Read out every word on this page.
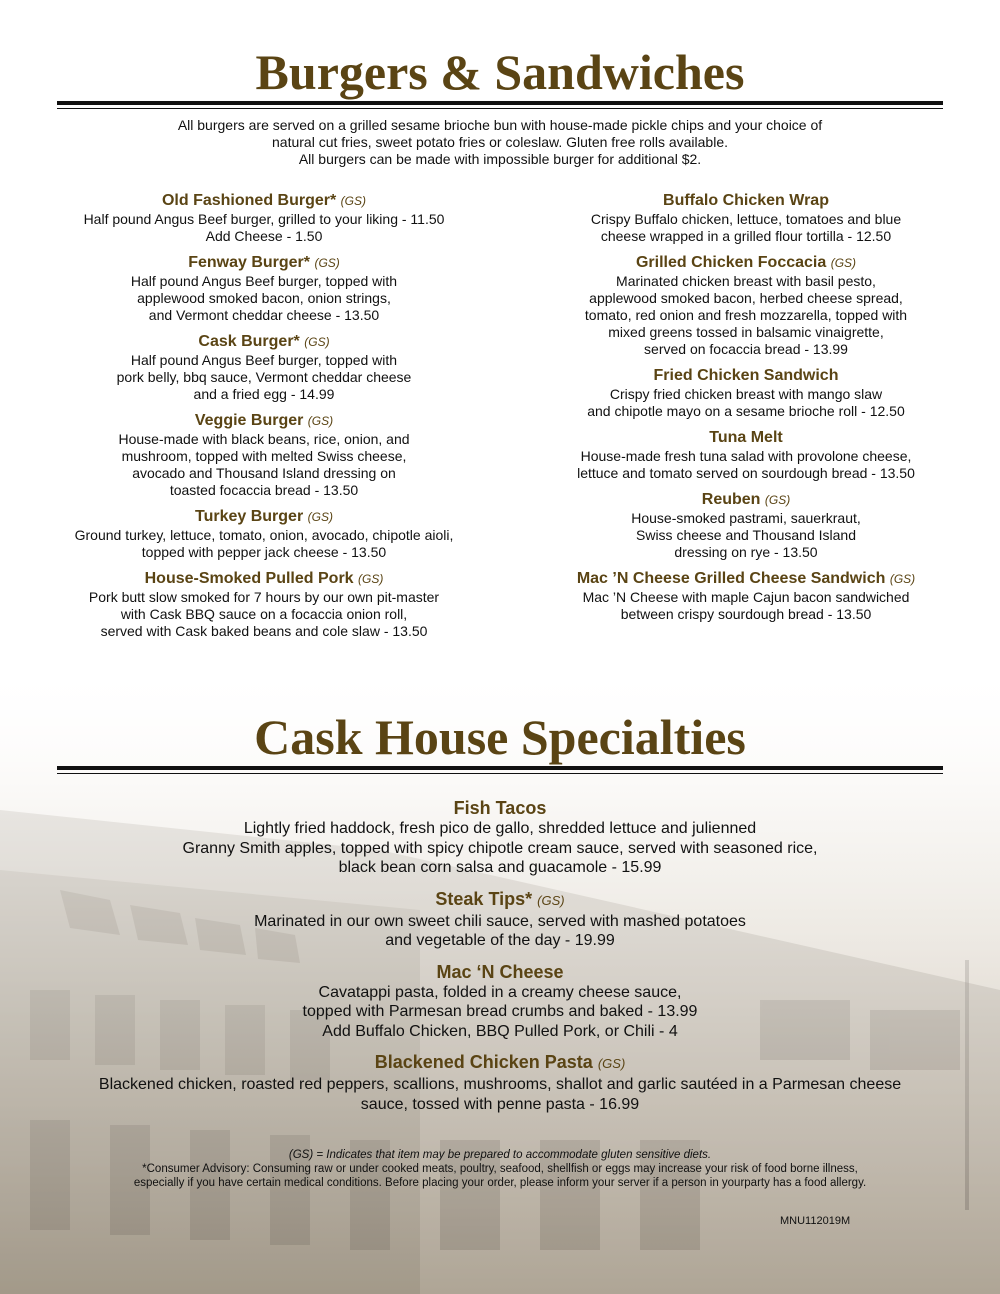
Burgers & Sandwiches
All burgers are served on a grilled sesame brioche bun with house-made pickle chips and your choice of
natural cut fries, sweet potato fries or coleslaw. Gluten free rolls available.
All burgers can be made with impossible burger for additional $2.
Old Fashioned Burger* (GS)
Half pound Angus Beef burger, grilled to your liking - 11.50
Add Cheese - 1.50
Fenway Burger* (GS)
Half pound Angus Beef burger, topped with
applewood smoked bacon, onion strings,
and Vermont cheddar cheese - 13.50
Cask Burger* (GS)
Half pound Angus Beef burger, topped with
pork belly, bbq sauce, Vermont cheddar cheese
and a fried egg - 14.99
Veggie Burger (GS)
House-made with black beans, rice, onion, and
mushroom, topped with melted Swiss cheese,
avocado and Thousand Island dressing on
toasted focaccia bread - 13.50
Turkey Burger (GS)
Ground turkey, lettuce, tomato, onion, avocado, chipotle aioli,
topped with pepper jack cheese - 13.50
House-Smoked Pulled Pork (GS)
Pork butt slow smoked for 7 hours by our own pit-master
with Cask BBQ sauce on a focaccia onion roll,
served with Cask baked beans and cole slaw - 13.50
Buffalo Chicken Wrap
Crispy Buffalo chicken, lettuce, tomatoes and blue
cheese wrapped in a grilled flour tortilla - 12.50
Grilled Chicken Foccacia (GS)
Marinated chicken breast with basil pesto,
applewood smoked bacon, herbed cheese spread,
tomato, red onion and fresh mozzarella, topped with
mixed greens tossed in balsamic vinaigrette,
served on focaccia bread - 13.99
Fried Chicken Sandwich
Crispy fried chicken breast with mango slaw
and chipotle mayo on a sesame brioche roll - 12.50
Tuna Melt
House-made fresh tuna salad with provolone cheese,
lettuce and tomato served on sourdough bread - 13.50
Reuben (GS)
House-smoked pastrami, sauerkraut,
Swiss cheese and Thousand Island
dressing on rye - 13.50
Mac ’N Cheese Grilled Cheese Sandwich (GS)
Mac ’N Cheese with maple Cajun bacon sandwiched
between crispy sourdough bread - 13.50
Cask House Specialties
Fish Tacos
Lightly fried haddock, fresh pico de gallo, shredded lettuce and julienned
Granny Smith apples, topped with spicy chipotle cream sauce, served with seasoned rice,
black bean corn salsa and guacamole - 15.99
Steak Tips* (GS)
Marinated in our own sweet chili sauce, served with mashed potatoes
and vegetable of the day - 19.99
Mac ‘N Cheese
Cavatappi pasta, folded in a creamy cheese sauce,
topped with Parmesan bread crumbs and baked - 13.99
Add Buffalo Chicken, BBQ Pulled Pork, or Chili - 4
Blackened Chicken Pasta (GS)
Blackened chicken, roasted red peppers, scallions, mushrooms, shallot and garlic sautéed in a Parmesan cheese
sauce, tossed with penne pasta - 16.99
(GS) = Indicates that item may be prepared to accommodate gluten sensitive diets.
*Consumer Advisory: Consuming raw or under cooked meats, poultry, seafood, shellfish or eggs may increase your risk of food borne illness,
especially if you have certain medical conditions. Before placing your order, please inform your server if a person in yourparty has a food allergy.
MNU112019M
